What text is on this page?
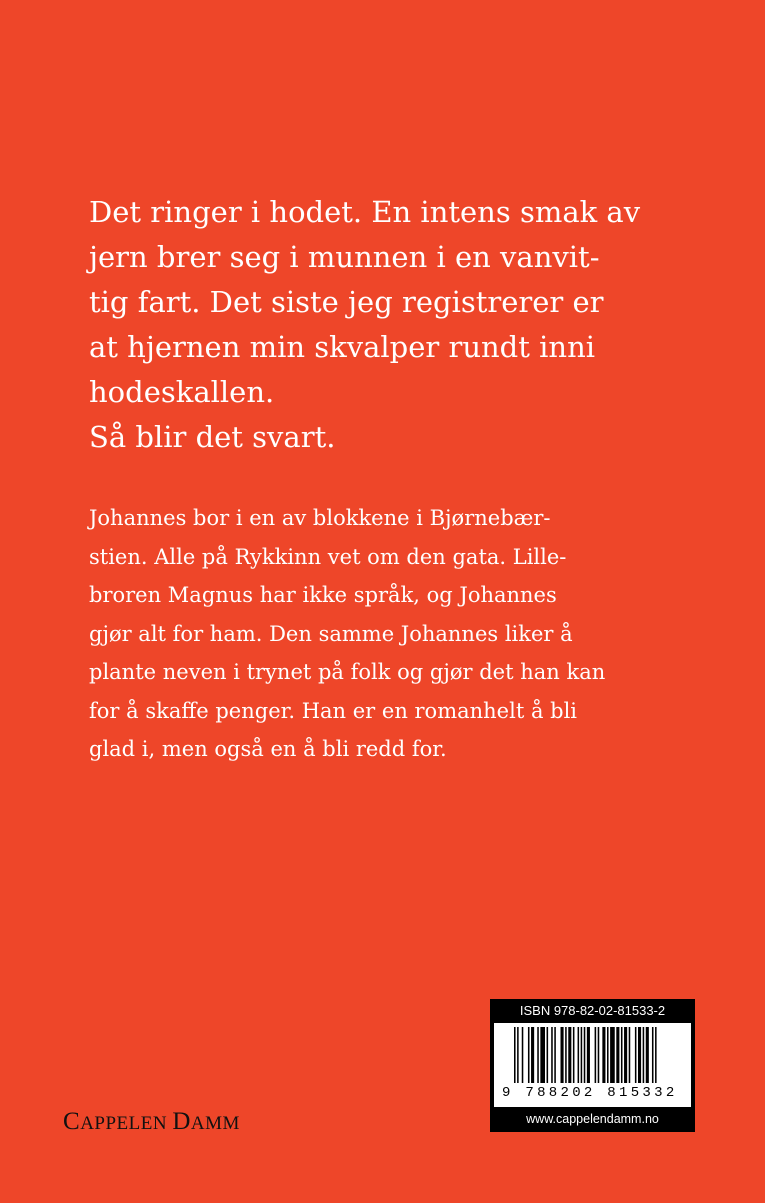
Det ringer i hodet. En intens smak av
jern brer seg i munnen i en vanvit-
tig fart. Det siste jeg registrerer er
at hjernen min skvalper rundt inni
hodeskallen.
Så blir det svart.
Johannes bor i en av blokkene i Bjørnebær-
stien. Alle på Rykkinn vet om den gata. Lille-
broren Magnus har ikke språk, og Johannes
gjør alt for ham. Den samme Johannes liker å
plante neven i trynet på folk og gjør det han kan
for å skaffe penger. Han er en romanhelt å bli
glad i, men også en å bli redd for.
CAPPELEN DAMM
ISBN 978-82-02-81533-2
9 788202 815332
www.cappelendamm.no
